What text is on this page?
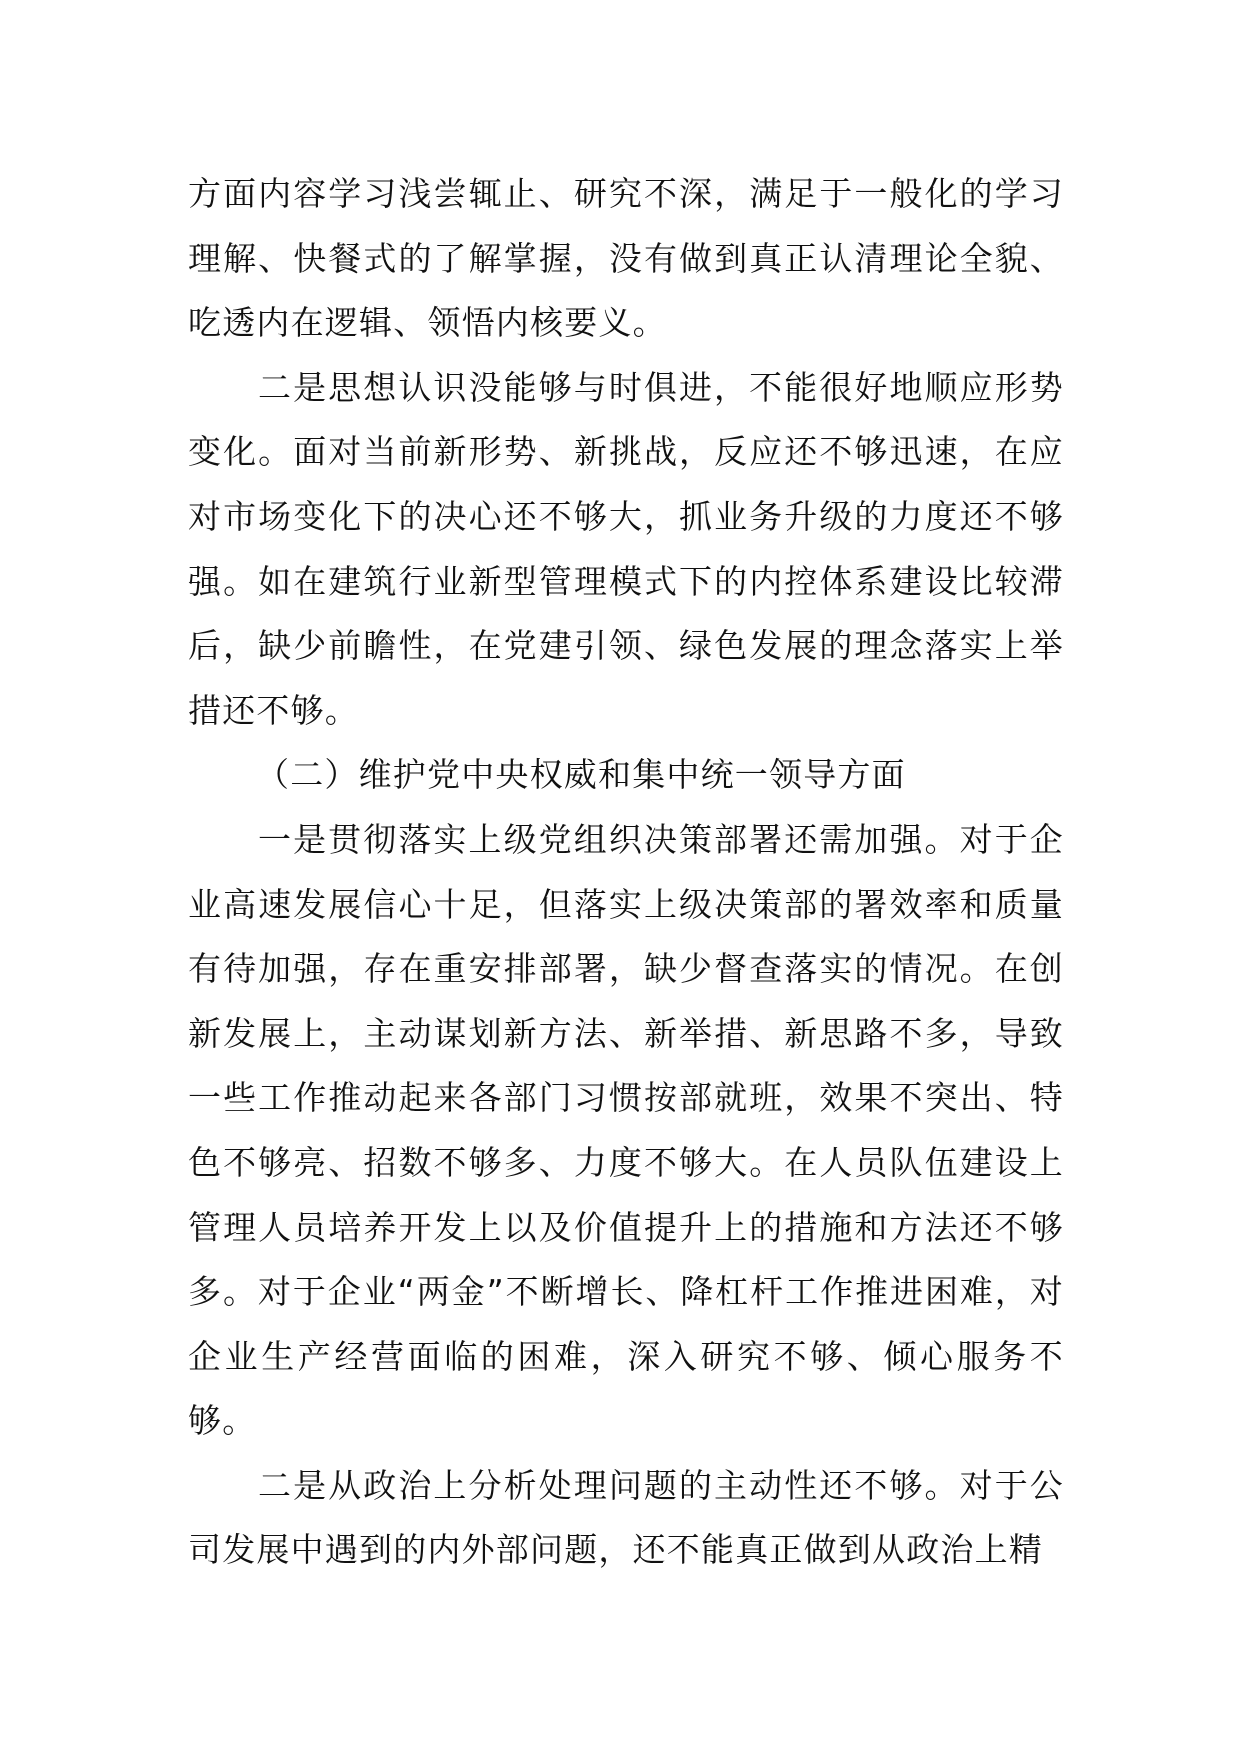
方面内容学习浅尝辄止、研究不深，满足于一般化的学习理解、快餐式的了解掌握，没有做到真正认清理论全貌、吃透内在逻辑、领悟内核要义。

二是思想认识没能够与时俱进，不能很好地顺应形势变化。面对当前新形势、新挑战，反应还不够迅速，在应对市场变化下的决心还不够大，抓业务升级的力度还不够强。如在建筑行业新型管理模式下的内控体系建设比较滞后，缺少前瞻性，在党建引领、绿色发展的理念落实上举措还不够。

（二）维护党中央权威和集中统一领导方面

一是贯彻落实上级党组织决策部署还需加强。对于企业高速发展信心十足，但落实上级决策部的署效率和质量有待加强，存在重安排部署，缺少督查落实的情况。在创新发展上，主动谋划新方法、新举措、新思路不多，导致一些工作推动起来各部门习惯按部就班，效果不突出、特色不够亮、招数不够多、力度不够大。在人员队伍建设上管理人员培养开发上以及价值提升上的措施和方法还不够多。对于企业“两金”不断增长、降杠杆工作推进困难，对企业生产经营面临的困难，深入研究不够、倾心服务不够。

二是从政治上分析处理问题的主动性还不够。对于公司发展中遇到的内外部问题，还不能真正做到从政治上精
